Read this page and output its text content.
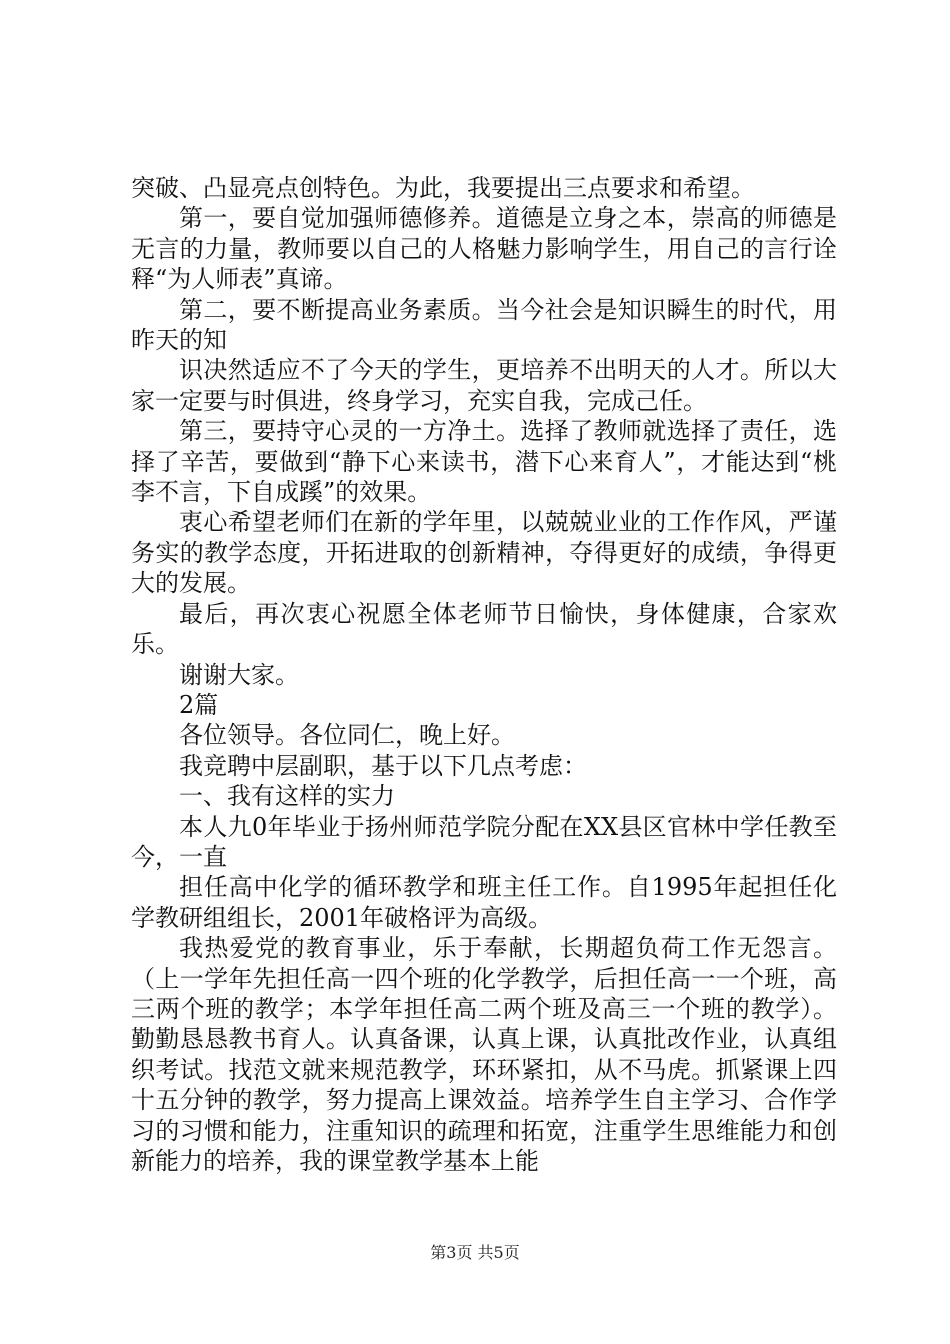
突破、凸显亮点创特色。为此，我要提出三点要求和希望。

第一，要自觉加强师德修养。道德是立身之本，崇高的师德是无言的力量，教师要以自己的人格魅力影响学生，用自己的言行诠释“为人师表”真谛。

第二，要不断提高业务素质。当今社会是知识瞬生的时代，用昨天的知

识决然适应不了今天的学生，更培养不出明天的人才。所以大家一定要与时俱进，终身学习，充实自我，完成己任。

第三，要持守心灵的一方净土。选择了教师就选择了责任，选择了辛苦，要做到“静下心来读书，潜下心来育人”，才能达到“桃李不言，下自成蹊”的效果。

衷心希望老师们在新的学年里，以兢兢业业的工作作风，严谨务实的教学态度，开拓进取的创新精神，夺得更好的成绩，争得更大的发展。

最后，再次衷心祝愿全体老师节日愉快，身体健康，合家欢乐。

谢谢大家。

2篇

各位领导。各位同仁，晚上好。

我竞聘中层副职，基于以下几点考虑：

一、我有这样的实力

本人九0年毕业于扬州师范学院分配在XX县区官林中学任教至今，一直

担任高中化学的循环教学和班主任工作。自1995年起担任化学教研组组长，2001年破格评为高级。

我热爱党的教育事业，乐于奉献，长期超负荷工作无怨言。（上一学年先担任高一四个班的化学教学，后担任高一一个班，高三两个班的教学；本学年担任高二两个班及高三一个班的教学）。勤勤恳恳教书育人。认真备课，认真上课，认真批改作业，认真组织考试。找范文就来规范教学，环环紧扣，从不马虎。抓紧课上四十五分钟的教学，努力提高上课效益。培养学生自主学习、合作学习的习惯和能力，注重知识的疏理和拓宽，注重学生思维能力和创新能力的培养，我的课堂教学基本上能

第3页 共5页
